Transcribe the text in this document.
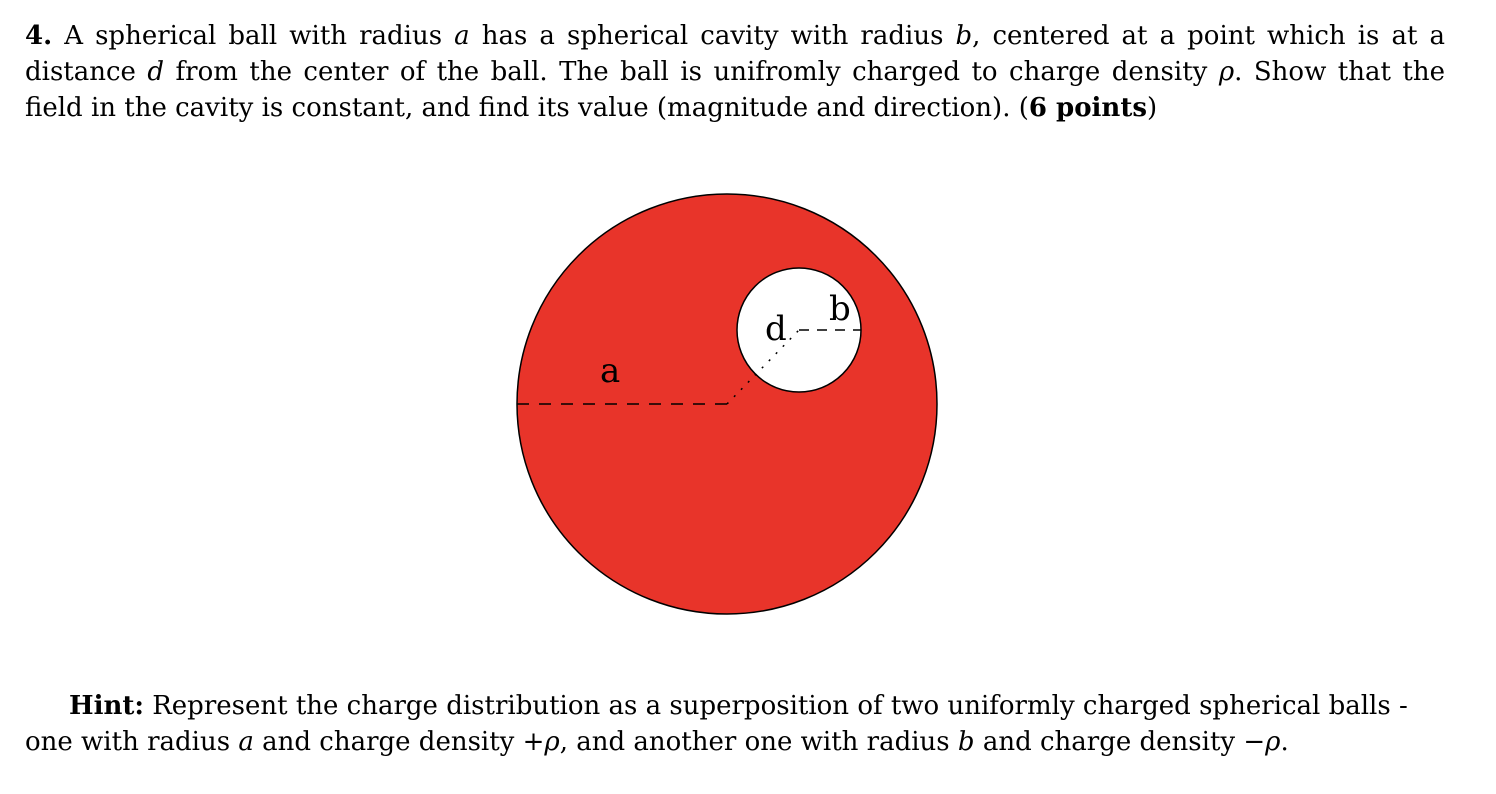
4. A spherical ball with radius a has a spherical cavity with radius b, centered at a point which is at a distance d from the center of the ball. The ball is unifromly charged to charge density ρ. Show that the field in the cavity is constant, and find its value (magnitude and direction). (6 points)
a
d b
Hint: Represent the charge distribution as a superposition of two uniformly charged spherical balls - one with radius a and charge density +ρ, and another one with radius b and charge density −ρ.
